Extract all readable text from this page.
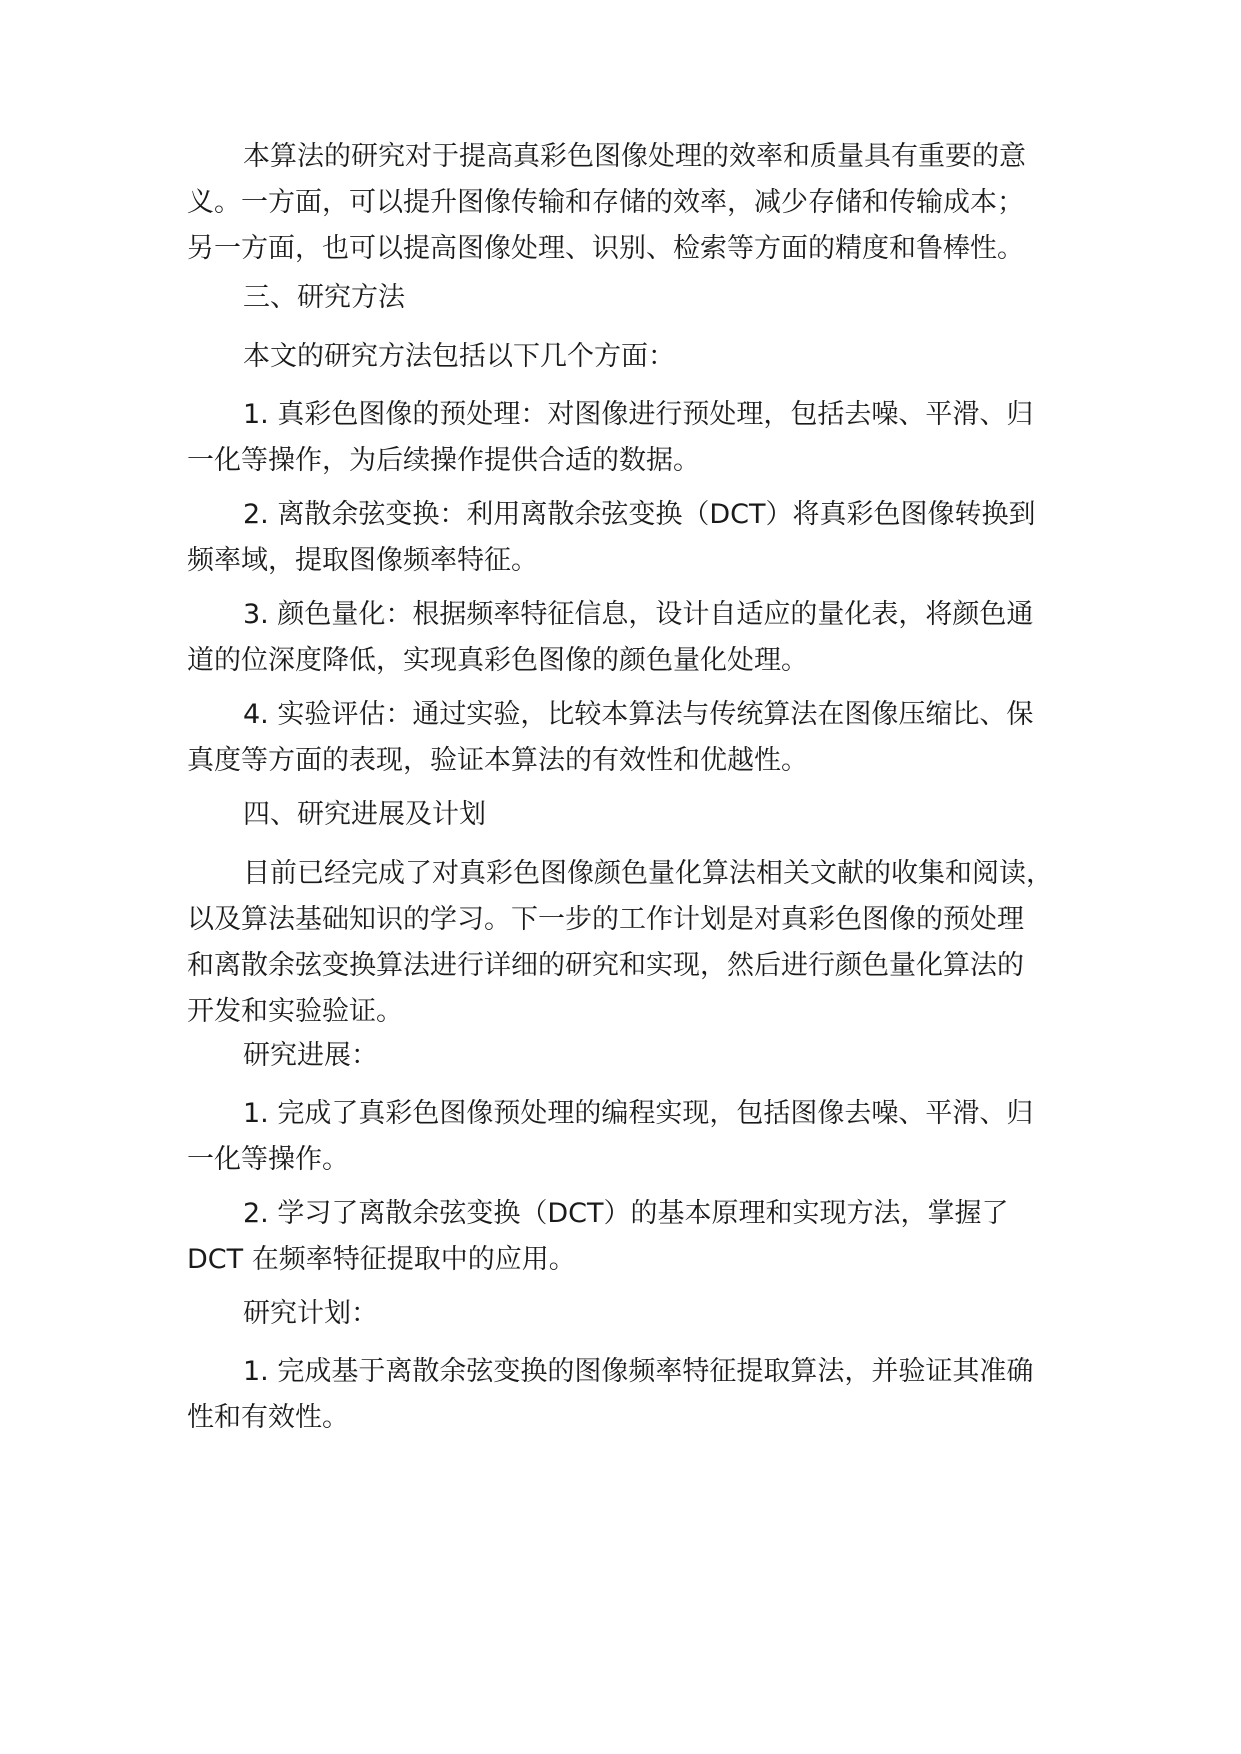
本算法的研究对于提高真彩色图像处理的效率和质量具有重要的意
义。一方面，可以提升图像传输和存储的效率，减少存储和传输成本；
另一方面，也可以提高图像处理、识别、检索等方面的精度和鲁棒性。
三、研究方法
本文的研究方法包括以下几个方面：
1. 真彩色图像的预处理：对图像进行预处理，包括去噪、平滑、归
一化等操作，为后续操作提供合适的数据。
2. 离散余弦变换：利用离散余弦变换（DCT）将真彩色图像转换到
频率域，提取图像频率特征。
3. 颜色量化：根据频率特征信息，设计自适应的量化表，将颜色通
道的位深度降低，实现真彩色图像的颜色量化处理。
4. 实验评估：通过实验，比较本算法与传统算法在图像压缩比、保
真度等方面的表现，验证本算法的有效性和优越性。
四、研究进展及计划
目前已经完成了对真彩色图像颜色量化算法相关文献的收集和阅读，
以及算法基础知识的学习。下一步的工作计划是对真彩色图像的预处理
和离散余弦变换算法进行详细的研究和实现，然后进行颜色量化算法的
开发和实验验证。
研究进展：
1. 完成了真彩色图像预处理的编程实现，包括图像去噪、平滑、归
一化等操作。
2. 学习了离散余弦变换（DCT）的基本原理和实现方法，掌握了
DCT 在频率特征提取中的应用。
研究计划：
1. 完成基于离散余弦变换的图像频率特征提取算法，并验证其准确
性和有效性。
